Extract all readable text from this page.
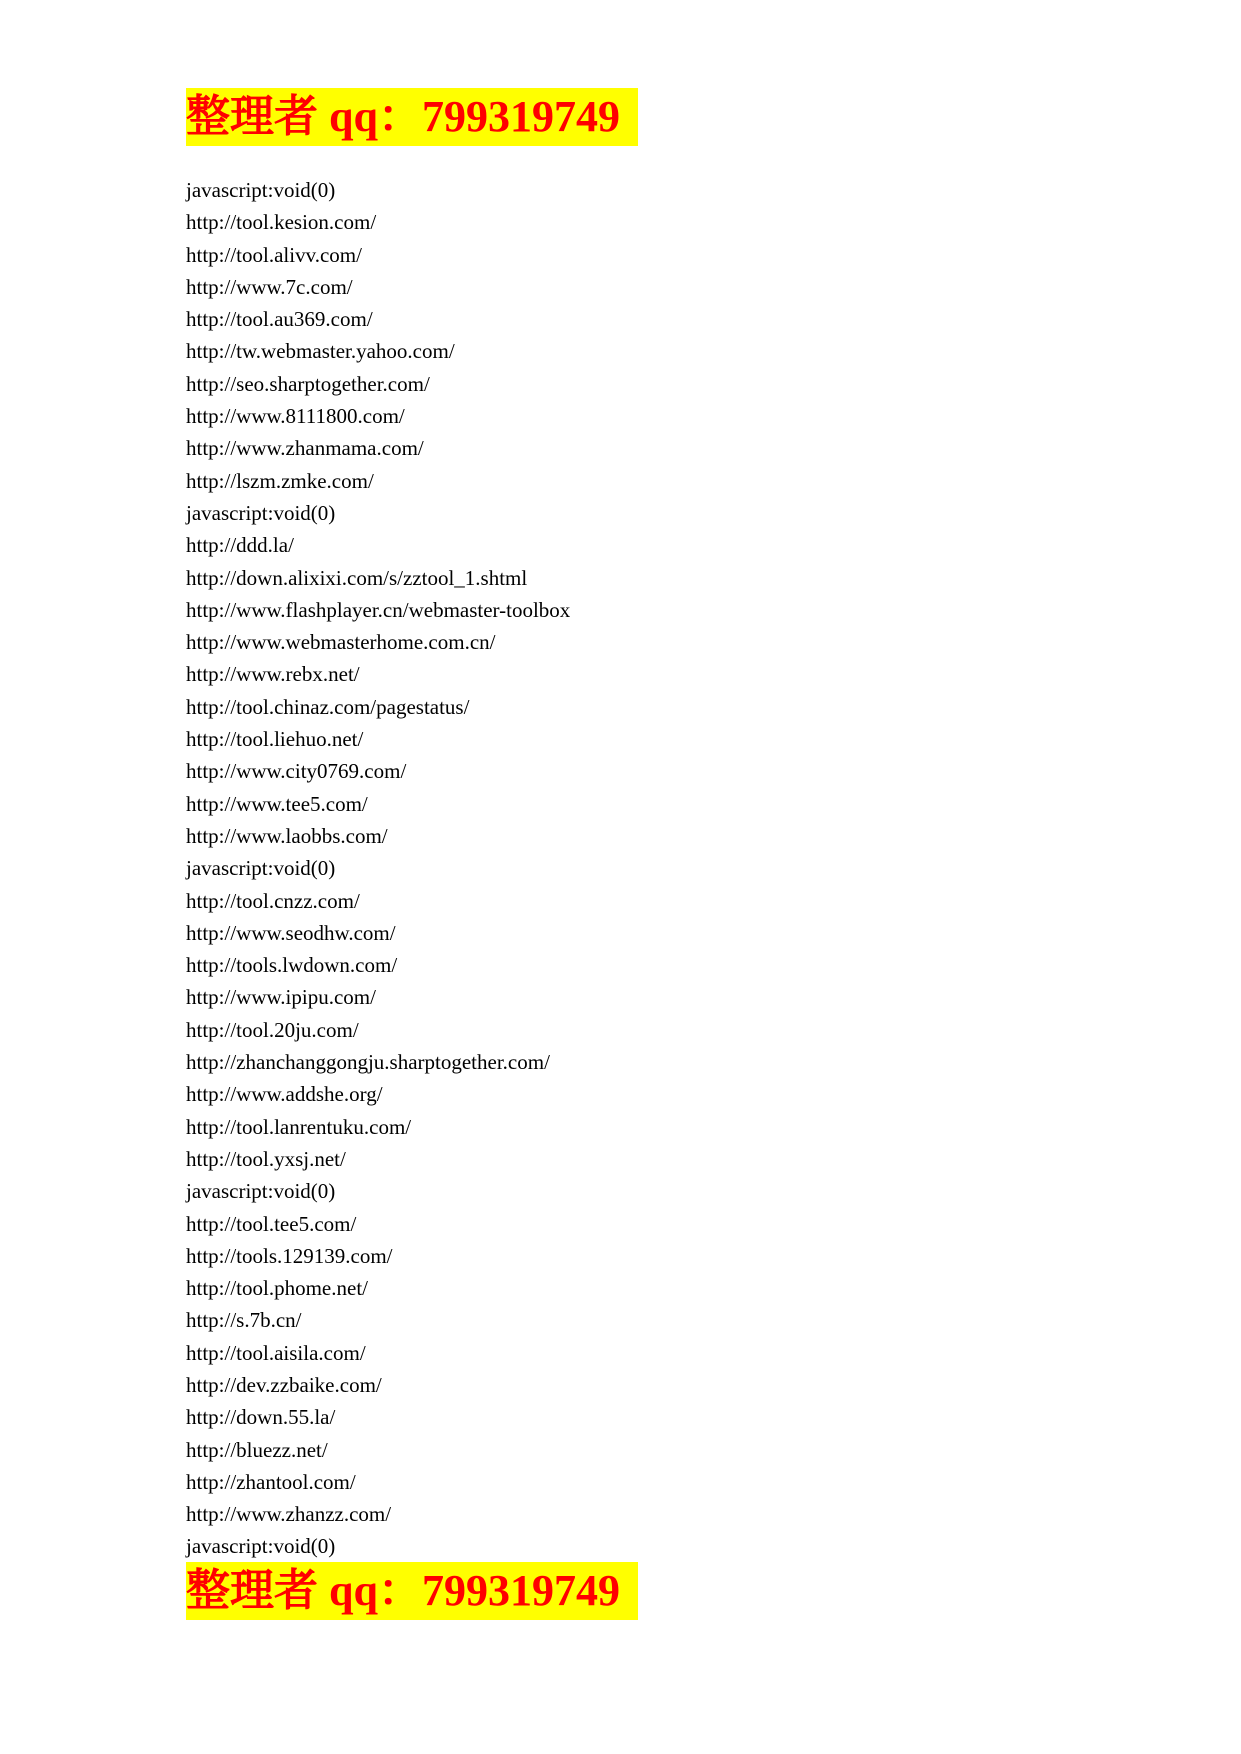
整理者 qq：799319749
javascript:void(0)
http://tool.kesion.com/
http://tool.alivv.com/
http://www.7c.com/
http://tool.au369.com/
http://tw.webmaster.yahoo.com/
http://seo.sharptogether.com/
http://www.8111800.com/
http://www.zhanmama.com/
http://lszm.zmke.com/
javascript:void(0)
http://ddd.la/
http://down.alixixi.com/s/zztool_1.shtml
http://www.flashplayer.cn/webmaster-toolbox
http://www.webmasterhome.com.cn/
http://www.rebx.net/
http://tool.chinaz.com/pagestatus/
http://tool.liehuo.net/
http://www.city0769.com/
http://www.tee5.com/
http://www.laobbs.com/
javascript:void(0)
http://tool.cnzz.com/
http://www.seodhw.com/
http://tools.lwdown.com/
http://www.ipipu.com/
http://tool.20ju.com/
http://zhanchanggongju.sharptogether.com/
http://www.addshe.org/
http://tool.lanrentuku.com/
http://tool.yxsj.net/
javascript:void(0)
http://tool.tee5.com/
http://tools.129139.com/
http://tool.phome.net/
http://s.7b.cn/
http://tool.aisila.com/
http://dev.zzbaike.com/
http://down.55.la/
http://bluezz.net/
http://zhantool.com/
http://www.zhanzz.com/
javascript:void(0)
整理者 qq：799319749
